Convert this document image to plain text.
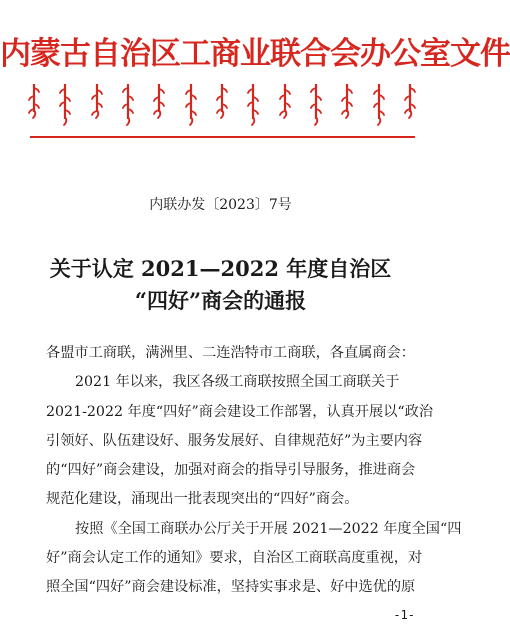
内蒙古自治区工商业联合会办公室文件
内联办发〔2023〕7号
关于认定 2021—2022 年度自治区
“四好”商会的通报

各盟市工商联，满洲里、二连浩特市工商联，各直属商会：

2021 年以来，我区各级工商联按照全国工商联关于

2021-2022 年度“四好”商会建设工作部署，认真开展以“政治

引领好、队伍建设好、服务发展好、自律规范好”为主要内容

的“四好”商会建设，加强对商会的指导引导服务，推进商会

规范化建设，涌现出一批表现突出的“四好”商会。

按照《全国工商联办公厅关于开展 2021—2022 年度全国“四

好”商会认定工作的通知》要求，自治区工商联高度重视，对

照全国“四好”商会建设标准，坚持实事求是、好中选优的原

-1-
